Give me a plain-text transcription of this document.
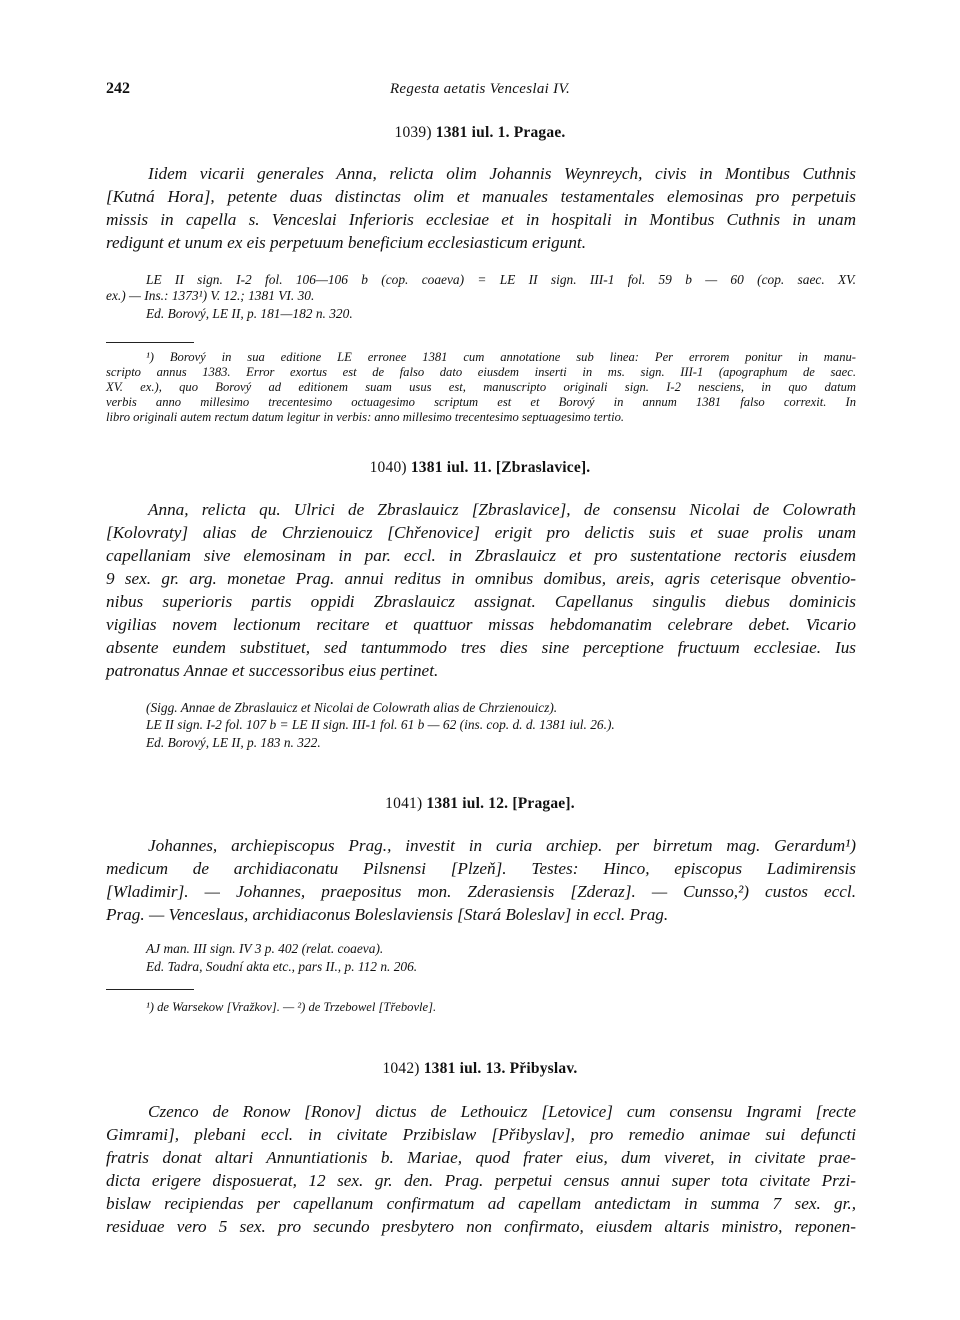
242	Regesta aetatis Venceslai IV.
1039) 1381 iul. 1. Pragae.
Iidem vicarii generales Anna, relicta olim Johannis Weynreych, civis in Montibus Cuthnis
[Kutná Hora], petente duas distinctas olim et manuales testamentales elemosinas pro perpetuis
missis in capella s. Venceslai Inferioris ecclesiae et in hospitali in Montibus Cuthnis in unam
redigunt et unum ex eis perpetuum beneficium ecclesiasticum erigunt.
LE II sign. I-2 fol. 106—106 b (cop. coaeva) = LE II sign. III-1 fol. 59 b — 60 (cop. saec. XV.
ex.) — Ins.: 1373¹) V. 12.; 1381 VI. 30.
Ed. Borový, LE II, p. 181—182 n. 320.
¹) Borový in sua editione LE erronee 1381 cum annotatione sub linea: Per errorem ponitur in manu-
scripto annus 1383. Error exortus est de falso dato eiusdem inserti in ms. sign. III-1 (apographum de saec.
XV. ex.), quo Borový ad editionem suam usus est, manuscripto originali sign. I-2 nesciens, in quo datum
verbis anno millesimo trecentesimo octuagesimo scriptum est et Borový in annum 1381 falso correxit. In
libro originali autem rectum datum legitur in verbis: anno millesimo trecentesimo septuagesimo tertio.
1040) 1381 iul. 11. [Zbraslavice].
Anna, relicta qu. Ulrici de Zbraslauicz [Zbraslavice], de consensu Nicolai de Colowrath
[Kolovraty] alias de Chrzienouicz [Chřenovice] erigit pro delictis suis et suae prolis unam
capellaniam sive elemosinam in par. eccl. in Zbraslauicz et pro sustentatione rectoris eiusdem
9 sex. gr. arg. monetae Prag. annui reditus in omnibus domibus, areis, agris ceterisque obventio-
nibus superioris partis oppidi Zbraslauicz assignat. Capellanus singulis diebus dominicis
vigilias novem lectionum recitare et quattuor missas hebdomanatim celebrare debet. Vicario
absente eundem substituet, sed tantummodo tres dies sine perceptione fructuum ecclesiae. Ius
patronatus Annae et successoribus eius pertinet.
(Sigg. Annae de Zbraslauicz et Nicolai de Colowrath alias de Chrzienouicz).
LE II sign. I-2 fol. 107 b = LE II sign. III-1 fol. 61 b — 62 (ins. cop. d. d. 1381 iul. 26.).
Ed. Borový, LE II, p. 183 n. 322.
1041) 1381 iul. 12. [Pragae].
Johannes, archiepiscopus Prag., investit in curia archiep. per birretum mag. Gerardum¹)
medicum de archidiaconatu Pilsnensi [Plzeň]. Testes: Hinco, episcopus Ladimirensis
[Wladimir]. — Johannes, praepositus mon. Zderasiensis [Zderaz]. — Cunsso,²) custos eccl.
Prag. — Venceslaus, archidiaconus Boleslaviensis [Stará Boleslav] in eccl. Prag.
AJ man. III sign. IV 3 p. 402 (relat. coaeva).
Ed. Tadra, Soudní akta etc., pars II., p. 112 n. 206.
¹) de Warsekow [Vražkov]. — ²) de Trzebowel [Třebovle].
1042) 1381 iul. 13. Přibyslav.
Czenco de Ronow [Ronov] dictus de Lethouicz [Letovice] cum consensu Ingrami [recte
Gimrami], plebani eccl. in civitate Przibislaw [Přibyslav], pro remedio animae sui defuncti
fratris donat altari Annuntiationis b. Mariae, quod frater eius, dum viveret, in civitate prae-
dicta erigere disposuerat, 12 sex. gr. den. Prag. perpetui census annui super tota civitate Przi-
bislaw recipiendas per capellanum confirmatum ad capellam antedictam in summa 7 sex. gr.,
residuae vero 5 sex. pro secundo presbytero non confirmato, eiusdem altaris ministro, reponen-
